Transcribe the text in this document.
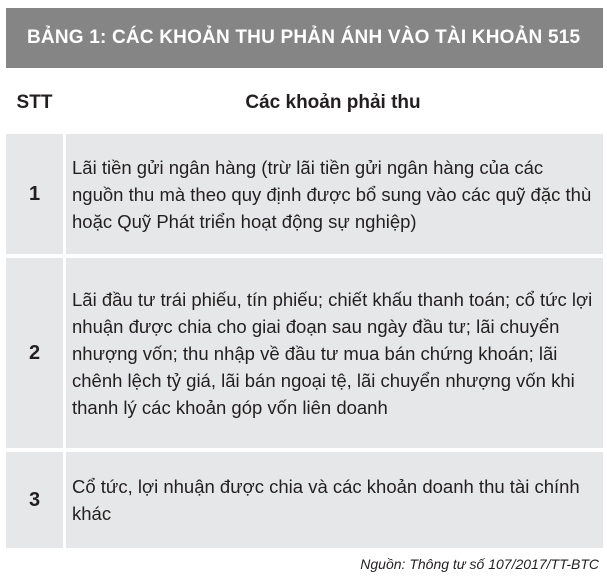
BẢNG 1: CÁC KHOẢN THU PHẢN ÁNH VÀO TÀI KHOẢN 515
STT	Các khoản phải thu
1
Lãi tiền gửi ngân hàng (trừ lãi tiền gửi ngân hàng của các nguồn thu mà theo quy định được bổ sung vào các quỹ đặc thù hoặc Quỹ Phát triển hoạt động sự nghiệp)
2
Lãi đầu tư trái phiếu, tín phiếu; chiết khấu thanh toán; cổ tức lợi nhuận được chia cho giai đoạn sau ngày đầu tư; lãi chuyển nhượng vốn; thu nhập về đầu tư mua bán chứng khoán; lãi chênh lệch tỷ giá, lãi bán ngoại tệ, lãi chuyển nhượng vốn khi thanh lý các khoản góp vốn liên doanh
3
Cổ tức, lợi nhuận được chia và các khoản doanh thu tài chính khác
Nguồn: Thông tư số 107/2017/TT-BTC
